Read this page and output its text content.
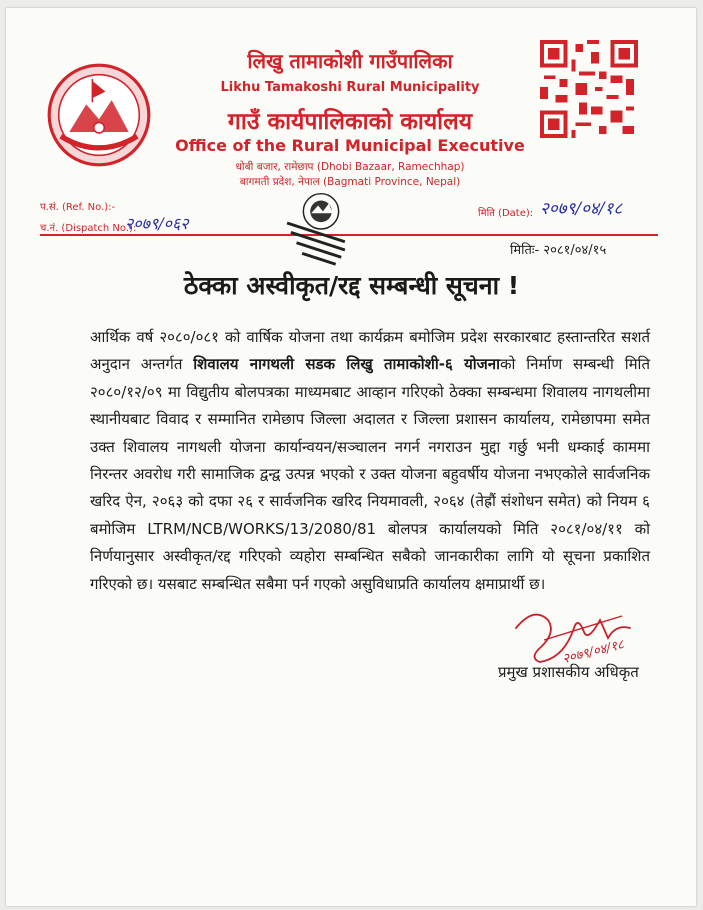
लिखु तामाकोशी गाउँपालिका
Likhu Tamakoshi Rural Municipality
गाउँ कार्यपालिकाको कार्यालय
Office of the Rural Municipal Executive
धोबी बजार, रामेछाप (Dhobi Bazaar, Ramechhap)
बागमती प्रदेश, नेपाल (Bagmati Province, Nepal)
प.सं. (Ref. No.):-
च.नं. (Dispatch No.):
२०७९/०६२
मिति (Date): २०७९/०४/१८
मितिः- २०८१/०४/१५
ठेक्का अस्वीकृत/रद्द सम्बन्धी सूचना !
आर्थिक वर्ष २०८०/०८१ को वार्षिक योजना तथा कार्यक्रम बमोजिम प्रदेश सरकारबाट हस्तान्तरित सशर्त अनुदान अन्तर्गत शिवालय नागथली सडक लिखु तामाकोशी-६ योजनाको निर्माण सम्बन्धी मिति २०८०/१२/०९ मा विद्युतीय बोलपत्रका माध्यमबाट आव्हान गरिएको ठेक्का सम्बन्धमा शिवालय नागथलीमा स्थानीयबाट विवाद र सम्मानित रामेछाप जिल्ला अदालत र जिल्ला प्रशासन कार्यालय, रामेछापमा समेत उक्त शिवालय नागथली योजना कार्यान्वयन/सञ्चालन नगर्न नगराउन मुद्दा गर्छु भनी धम्काई काममा निरन्तर अवरोध गरी सामाजिक द्वन्द्व उत्पन्न भएको र उक्त योजना बहुवर्षीय योजना नभएकोले सार्वजनिक खरिद ऐन, २०६३ को दफा २६ र सार्वजनिक खरिद नियमावली, २०६४ (तेह्रौं संशोधन समेत) को नियम ६ बमोजिम LTRM/NCB/WORKS/13/2080/81 बोलपत्र कार्यालयको मिति २०८१/०४/११ को निर्णयानुसार अस्वीकृत/रद्द गरिएको व्यहोरा सम्बन्धित सबैको जानकारीका लागि यो सूचना प्रकाशित गरिएको छ। यसबाट सम्बन्धित सबैमा पर्न गएको असुविधाप्रति कार्यालय क्षमाप्रार्थी छ।
२०७९/०४/१८
प्रमुख प्रशासकीय अधिकृत
